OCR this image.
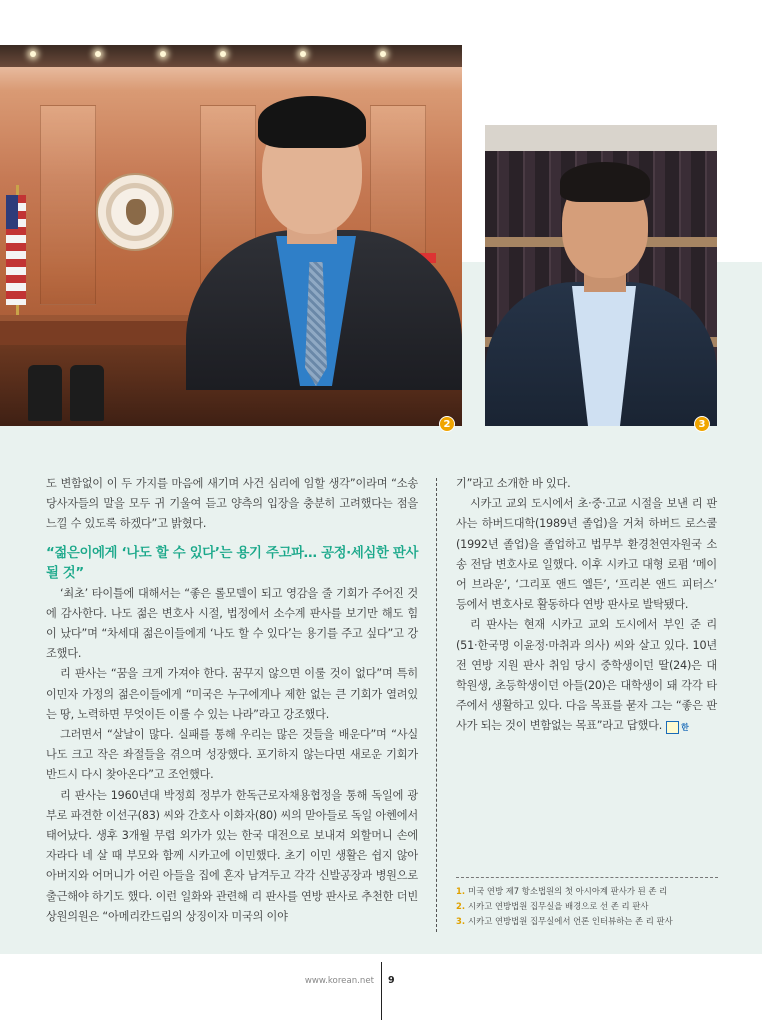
2	3

도 변함없이 이 두 가지를 마음에 새기며 사건 심리에 임할 생각”이라며 “소송 당사자들의 말을 모두 귀 기울여 듣고 양측의 입장을 충분히 고려했다는 점을 느낄 수 있도록 하겠다”고 밝혔다.

“젊은이에게 ‘나도 할 수 있다’는 용기 주고파… 공정·세심한 판사 될 것”

‘최초’ 타이틀에 대해서는 “좋은 롤모델이 되고 영감을 줄 기회가 주어진 것에 감사한다. 나도 젊은 변호사 시절, 법정에서 소수계 판사를 보기만 해도 힘이 났다”며 “차세대 젊은이들에게 ‘나도 할 수 있다’는 용기를 주고 싶다”고 강조했다.

리 판사는 “꿈을 크게 가져야 한다. 꿈꾸지 않으면 이룰 것이 없다”며 특히 이민자 가정의 젊은이들에게 “미국은 누구에게나 제한 없는 큰 기회가 열려있는 땅, 노력하면 무엇이든 이룰 수 있는 나라”라고 강조했다.

그러면서 “살날이 많다. 실패를 통해 우리는 많은 것들을 배운다”며 “사실 나도 크고 작은 좌절들을 겪으며 성장했다. 포기하지 않는다면 새로운 기회가 반드시 다시 찾아온다”고 조언했다.

리 판사는 1960년대 박정희 정부가 한독근로자채용협정을 통해 독일에 광부로 파견한 이선구(83) 씨와 간호사 이화자(80) 씨의 맏아들로 독일 아헨에서 태어났다. 생후 3개월 무렵 외가가 있는 한국 대전으로 보내져 외할머니 손에 자라다 네 살 때 부모와 함께 시카고에 이민했다. 초기 이민 생활은 쉽지 않아 아버지와 어머니가 어린 아들을 집에 혼자 남겨두고 각각 신발공장과 병원으로 출근해야 하기도 했다. 이런 일화와 관련해 리 판사를 연방 판사로 추천한 더빈 상원의원은 “아메리칸드림의 상징이자 미국의 이야

기”라고 소개한 바 있다.

시카고 교외 도시에서 초·중·고교 시절을 보낸 리 판사는 하버드대학(1989년 졸업)을 거쳐 하버드 로스쿨(1992년 졸업)을 졸업하고 법무부 환경천연자원국 소송 전담 변호사로 일했다. 이후 시카고 대형 로펌 ‘메이어 브라운’, ‘그리포 앤드 엘든’, ‘프리본 앤드 피터스’ 등에서 변호사로 활동하다 연방 판사로 발탁됐다.

리 판사는 현재 시카고 교외 도시에서 부인 준 리(51·한국명 이윤정·마취과 의사) 씨와 살고 있다. 10년 전 연방 지원 판사 취임 당시 중학생이던 딸(24)은 대학원생, 초등학생이던 아들(20)은 대학생이 돼 각각 타주에서 생활하고 있다. 다음 목표를 묻자 그는 “좋은 판사가 되는 것이 변함없는 목표”라고 답했다. 한

1. 미국 연방 제7 항소법원의 첫 아시아계 판사가 된 존 리
2. 시카고 연방법원 집무실을 배경으로 선 존 리 판사
3. 시카고 연방법원 집무실에서 언론 인터뷰하는 존 리 판사
www.korean.net 9
